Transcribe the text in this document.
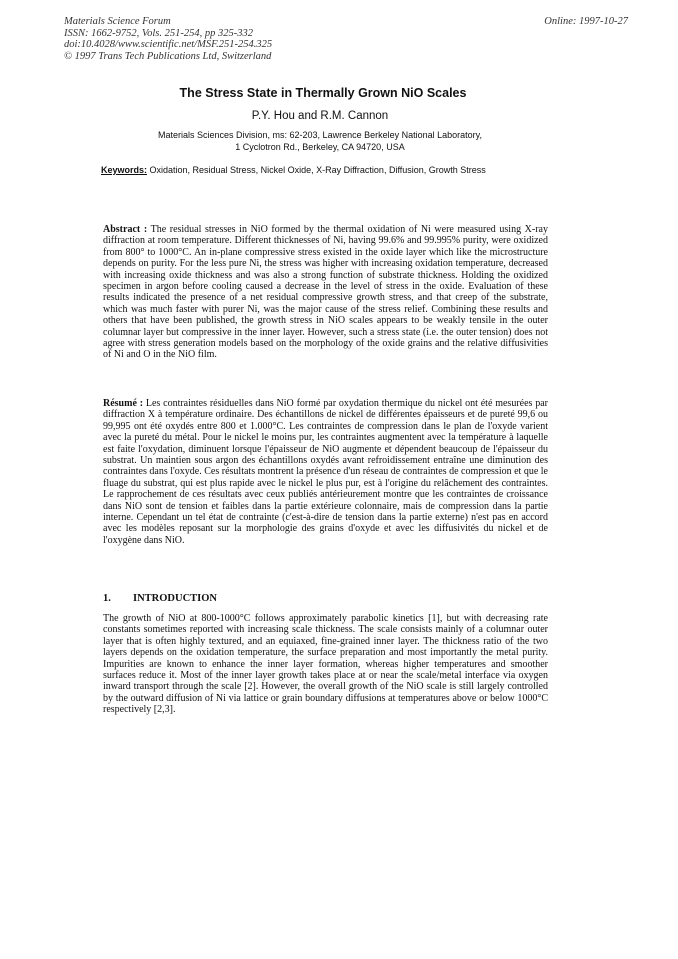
Materials Science Forum
ISSN: 1662-9752, Vols. 251-254, pp 325-332
doi:10.4028/www.scientific.net/MSF.251-254.325
© 1997 Trans Tech Publications Ltd, Switzerland
Online: 1997-10-27
The Stress State in Thermally Grown NiO Scales
P.Y. Hou and R.M. Cannon
Materials Sciences Division, ms: 62-203, Lawrence Berkeley National Laboratory,
1 Cyclotron Rd., Berkeley, CA 94720, USA
Keywords: Oxidation, Residual Stress, Nickel Oxide, X-Ray Diffraction, Diffusion, Growth Stress
Abstract : The residual stresses in NiO formed by the thermal oxidation of Ni were measured using X-ray diffraction at room temperature. Different thicknesses of Ni, having 99.6% and 99.995% purity, were oxidized from 800° to 1000°C. An in-plane compressive stress existed in the oxide layer which like the microstructure depends on purity. For the less pure Ni, the stress was higher with increasing oxidation temperature, decreased with increasing oxide thickness and was also a strong function of substrate thickness. Holding the oxidized specimen in argon before cooling caused a decrease in the level of stress in the oxide. Evaluation of these results indicated the presence of a net residual compressive growth stress, and that creep of the substrate, which was much faster with purer Ni, was the major cause of the stress relief. Combining these results and others that have been published, the growth stress in NiO scales appears to be weakly tensile in the outer columnar layer but compressive in the inner layer. However, such a stress state (i.e. the outer tension) does not agree with stress generation models based on the morphology of the oxide grains and the relative diffusivities of Ni and O in the NiO film.
Résumé : Les contraintes résiduelles dans NiO formé par oxydation thermique du nickel ont été mesurées par diffraction X à température ordinaire. Des échantillons de nickel de différentes épaisseurs et de pureté 99,6 ou 99,995 ont été oxydés entre 800 et 1.000°C. Les contraintes de compression dans le plan de l'oxyde varient avec la pureté du métal. Pour le nickel le moins pur, les contraintes augmentent avec la température à laquelle est faite l'oxydation, diminuent lorsque l'épaisseur de NiO augmente et dépendent beaucoup de l'épaisseur du substrat. Un maintien sous argon des échantillons oxydés avant refroidissement entraîne une diminution des contraintes dans l'oxyde. Ces résultats montrent la présence d'un réseau de contraintes de compression et que le fluage du substrat, qui est plus rapide avec le nickel le plus pur, est à l'origine du relâchement des contraintes. Le rapprochement de ces résultats avec ceux publiés antérieurement montre que les contraintes de croissance dans NiO sont de tension et faibles dans la partie extérieure colonnaire, mais de compression dans la partie interne. Cependant un tel état de contrainte (c'est-à-dire de tension dans la partie externe) n'est pas en accord avec les modèles reposant sur la morphologie des grains d'oxyde et avec les diffusivités du nickel et de l'oxygène dans NiO.
1. INTRODUCTION
The growth of NiO at 800-1000°C follows approximately parabolic kinetics [1], but with decreasing rate constants sometimes reported with increasing scale thickness. The scale consists mainly of a columnar outer layer that is often highly textured, and an equiaxed, fine-grained inner layer. The thickness ratio of the two layers depends on the oxidation temperature, the surface preparation and most importantly the metal purity. Impurities are known to enhance the inner layer formation, whereas higher temperatures and smoother surfaces reduce it. Most of the inner layer growth takes place at or near the scale/metal interface via oxygen inward transport through the scale [2]. However, the overall growth of the NiO scale is still largely controlled by the outward diffusion of Ni via lattice or grain boundary diffusions at temperatures above or below 1000°C respectively [2,3].
